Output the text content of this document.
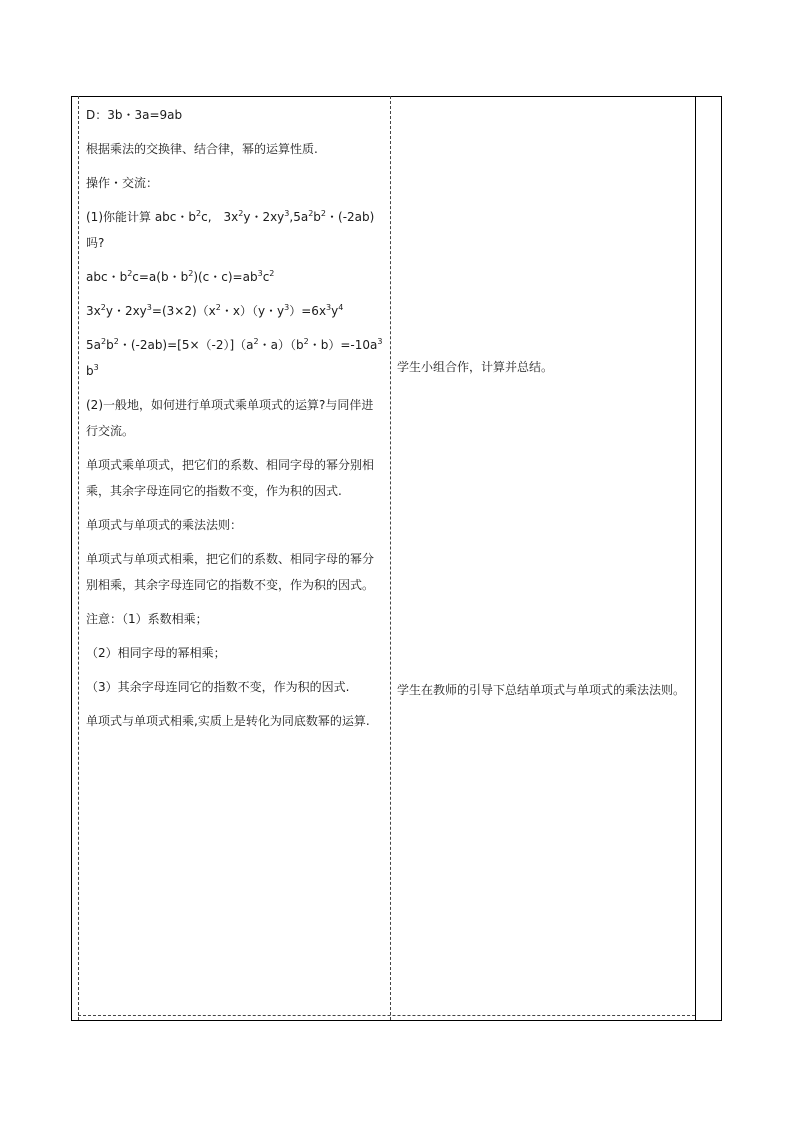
D：3b・3a=9ab

根据乘法的交换律、结合律，幂的运算性质.

操作・交流：

(1)你能计算 abc・$b^2c$,　$3x^2y$・$2xy^3,5a^2b^2$・(-2ab) 吗?

abc・$b^2c=a(b$・$b^2)(c$・$c)=ab^3c^2$

$3x^2y$・$2xy^3=(3\times 2)(x^2$・x）（y・$y^3)=6x^3y^4$

$5a^2b^2$・$(-2ab)=[5\times(-2)](a^2$・$a)(b^2$・$b)=-10a^3b^3$

(2)一般地，如何进行单项式乘单项式的运算?与同伴进行交流。

单项式乘单项式，把它们的系数、相同字母的幂分别相乘，其余字母连同它的指数不变，作为积的因式.

单项式与单项式的乘法法则：

单项式与单项式相乘，把它们的系数、相同字母的幂分别相乘，其余字母连同它的指数不变，作为积的因式。

注意：（1）系数相乘；

（2）相同字母的幂相乘；

（3）其余字母连同它的指数不变，作为积的因式.

单项式与单项式相乘,实质上是转化为同底数幂的运算.

学生小组合作，计算并总结。

学生在教师的引导下总结单项式与单项式的乘法法则。
